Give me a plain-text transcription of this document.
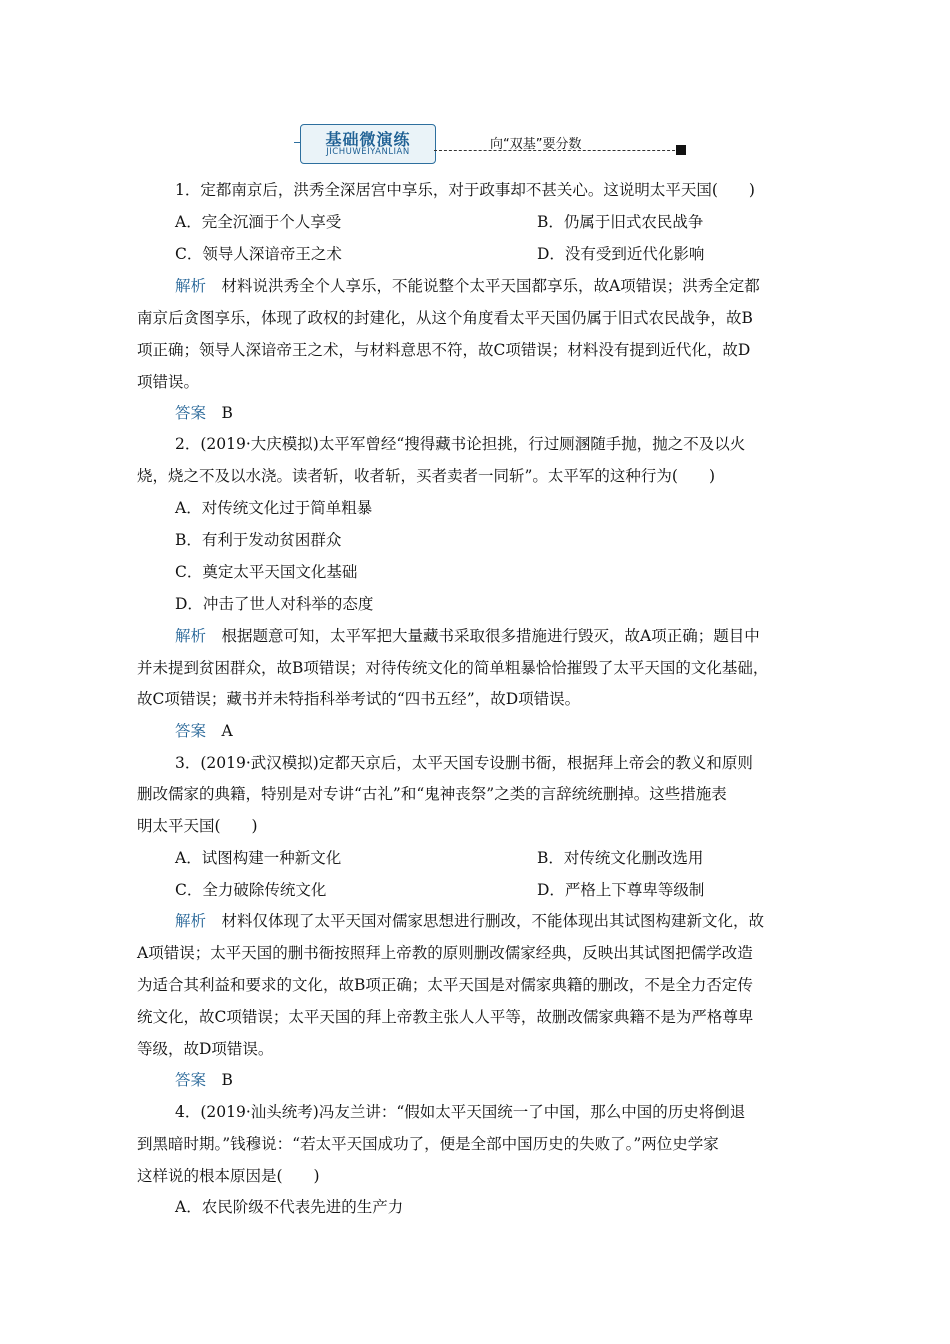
基础微演练
JICHUWEIYANLIAN	向“双基”要分数
1．定都南京后，洪秀全深居宫中享乐，对于政事却不甚关心。这说明太平天国(　　)
A．完全沉湎于个人享受	B．仍属于旧式农民战争
C．领导人深谙帝王之术	D．没有受到近代化影响
解析　 材料说洪秀全个人享乐，不能说整个太平天国都享乐，故A项错误；洪秀全定都
南京后贪图享乐，体现了政权的封建化，从这个角度看太平天国仍属于旧式农民战争，故B
项正确；领导人深谙帝王之术，与材料意思不符，故C项错误；材料没有提到近代化，故D
项错误。
答案　 B
2．(2019·大庆模拟)太平军曾经“搜得藏书论担挑，行过厕溷随手抛，抛之不及以火
烧，烧之不及以水浇。读者斩，收者斩，买者卖者一同斩”。太平军的这种行为(　　)
A．对传统文化过于简单粗暴
B．有利于发动贫困群众
C．奠定太平天国文化基础
D．冲击了世人对科举的态度
解析　 根据题意可知，太平军把大量藏书采取很多措施进行毁灭，故A项正确；题目中
并未提到贫困群众，故B项错误；对待传统文化的简单粗暴恰恰摧毁了太平天国的文化基础，
故C项错误；藏书并未特指科举考试的“四书五经”，故D项错误。
答案　 A
3．(2019·武汉模拟)定都天京后，太平天国专设删书衙，根据拜上帝会的教义和原则
删改儒家的典籍，特别是对专讲“古礼”和“鬼神丧祭”之类的言辞统统删掉。这些措施表
明太平天国(　　)
A．试图构建一种新文化	B．对传统文化删改选用
C．全力破除传统文化	D．严格上下尊卑等级制
解析　 材料仅体现了太平天国对儒家思想进行删改，不能体现出其试图构建新文化，故
A项错误；太平天国的删书衙按照拜上帝教的原则删改儒家经典，反映出其试图把儒学改造
为适合其利益和要求的文化，故B项正确；太平天国是对儒家典籍的删改，不是全力否定传
统文化，故C项错误；太平天国的拜上帝教主张人人平等，故删改儒家典籍不是为严格尊卑
等级，故D项错误。
答案　 B
4．(2019·汕头统考)冯友兰讲：“假如太平天国统一了中国，那么中国的历史将倒退
到黑暗时期。”钱穆说：“若太平天国成功了，便是全部中国历史的失败了。”两位史学家
这样说的根本原因是(　　)
A．农民阶级不代表先进的生产力
